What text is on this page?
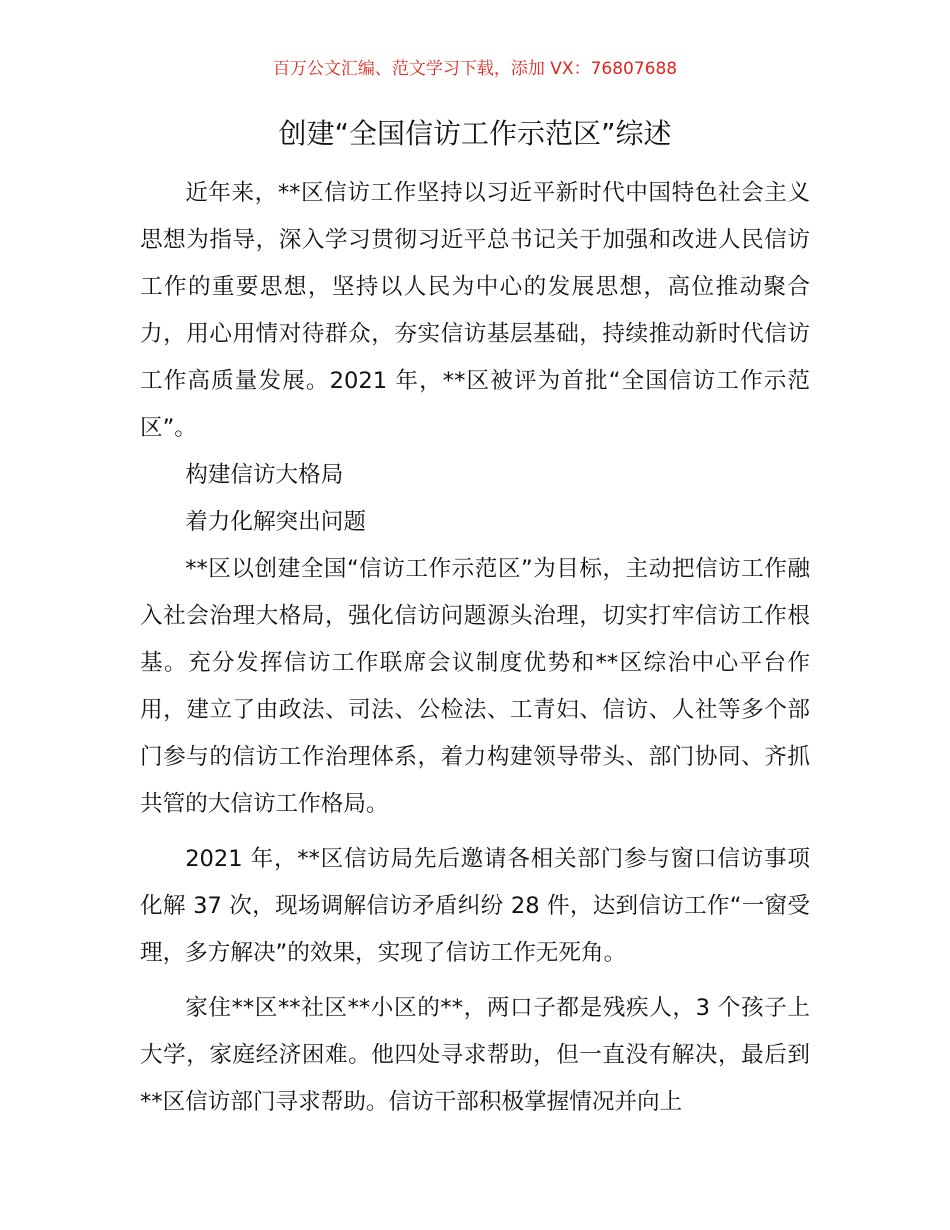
百万公文汇编、范文学习下载，添加 VX：76807688
创建“全国信访工作示范区”综述

近年来，**区信访工作坚持以习近平新时代中国特色社会主义思想为指导，深入学习贯彻习近平总书记关于加强和改进人民信访工作的重要思想，坚持以人民为中心的发展思想，高位推动聚合力，用心用情对待群众，夯实信访基层基础，持续推动新时代信访工作高质量发展。2021 年，**区被评为首批“全国信访工作示范区”。

构建信访大格局

着力化解突出问题

**区以创建全国“信访工作示范区”为目标，主动把信访工作融入社会治理大格局，强化信访问题源头治理，切实打牢信访工作根基。充分发挥信访工作联席会议制度优势和**区综治中心平台作用，建立了由政法、司法、公检法、工青妇、信访、人社等多个部门参与的信访工作治理体系，着力构建领导带头、部门协同、齐抓共管的大信访工作格局。

2021 年，**区信访局先后邀请各相关部门参与窗口信访事项化解 37 次，现场调解信访矛盾纠纷 28 件，达到信访工作“一窗受理，多方解决”的效果，实现了信访工作无死角。

家住**区**社区**小区的**，两口子都是残疾人，3 个孩子上大学，家庭经济困难。他四处寻求帮助，但一直没有解决，最后到**区信访部门寻求帮助。信访干部积极掌握情况并向上
